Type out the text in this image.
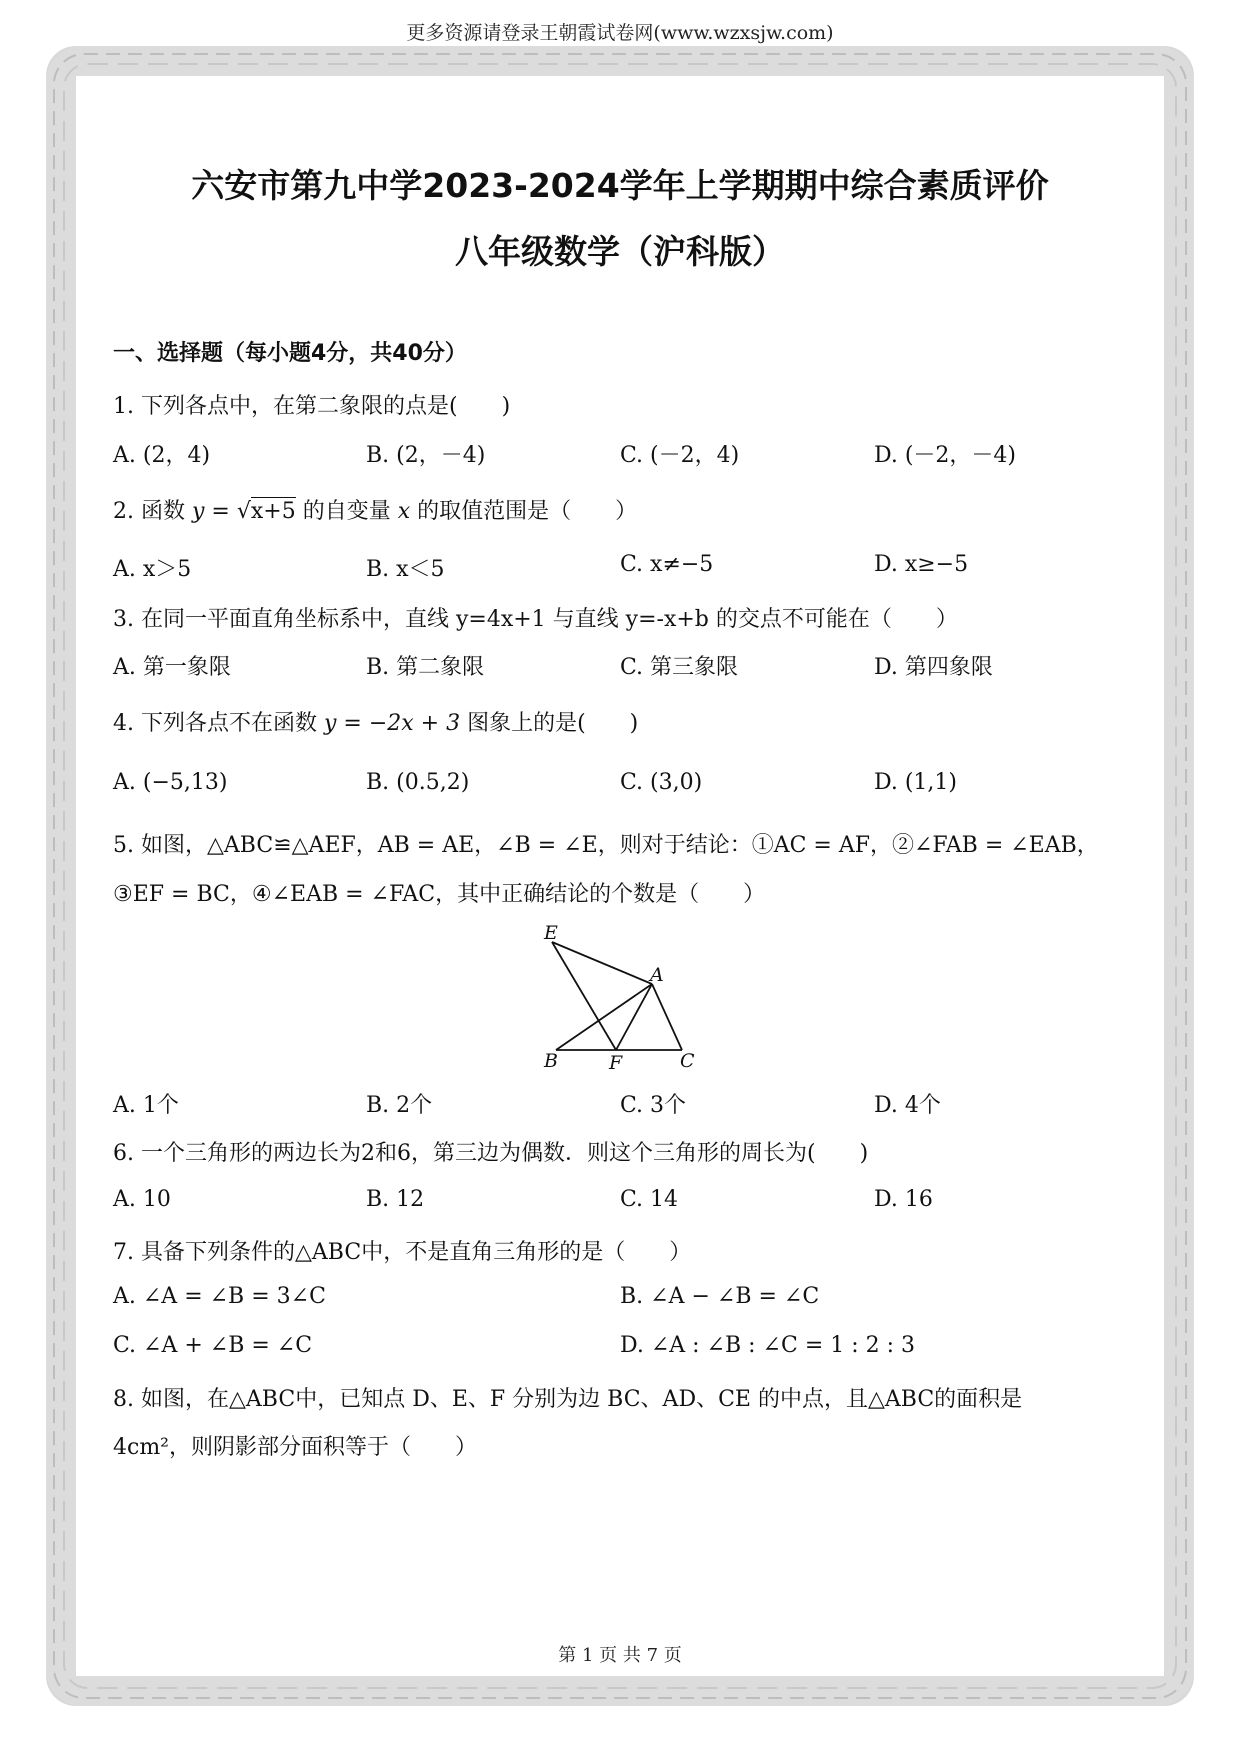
更多资源请登录王朝霞试卷网(www.wzxsjw.com)
六安市第九中学2023-2024学年上学期期中综合素质评价
八年级数学（沪科版）
一、选择题（每小题4分，共40分）
1. 下列各点中，在第二象限的点是(　　)
A. (2，4)	B. (2，－4)	C. (－2，4)	D. (－2，－4)
2. 函数 y = √x+5 的自变量 x 的取值范围是（　　）
A. x＞5	B. x＜5	C. x≠−5	D. x≥−5
3. 在同一平面直角坐标系中，直线 y=4x+1 与直线 y=-x+b 的交点不可能在（　　）
A. 第一象限	B. 第二象限	C. 第三象限	D. 第四象限
4. 下列各点不在函数 y = −2x + 3 图象上的是(　　)
A. (−5,13)	B. (0.5,2)	C. (3,0)	D. (1,1)
5. 如图，△ABC≌△AEF，AB = AE，∠B = ∠E，则对于结论：①AC = AF，②∠FAB = ∠EAB，
③EF = BC，④∠EAB = ∠FAC，其中正确结论的个数是（　　）
E
A
B	F	C
A. 1个	B. 2个	C. 3个	D. 4个
6. 一个三角形的两边长为2和6，第三边为偶数．则这个三角形的周长为(　　)
A. 10	B. 12	C. 14	D. 16
7. 具备下列条件的△ABC中，不是直角三角形的是（　　）
A. ∠A = ∠B = 3∠C	B. ∠A − ∠B = ∠C
C. ∠A + ∠B = ∠C	D. ∠A : ∠B : ∠C = 1 : 2 : 3
8. 如图，在△ABC中，已知点 D、E、F 分别为边 BC、AD、CE 的中点，且△ABC的面积是
4cm²，则阴影部分面积等于（　　）
第 1 页 共 7 页
